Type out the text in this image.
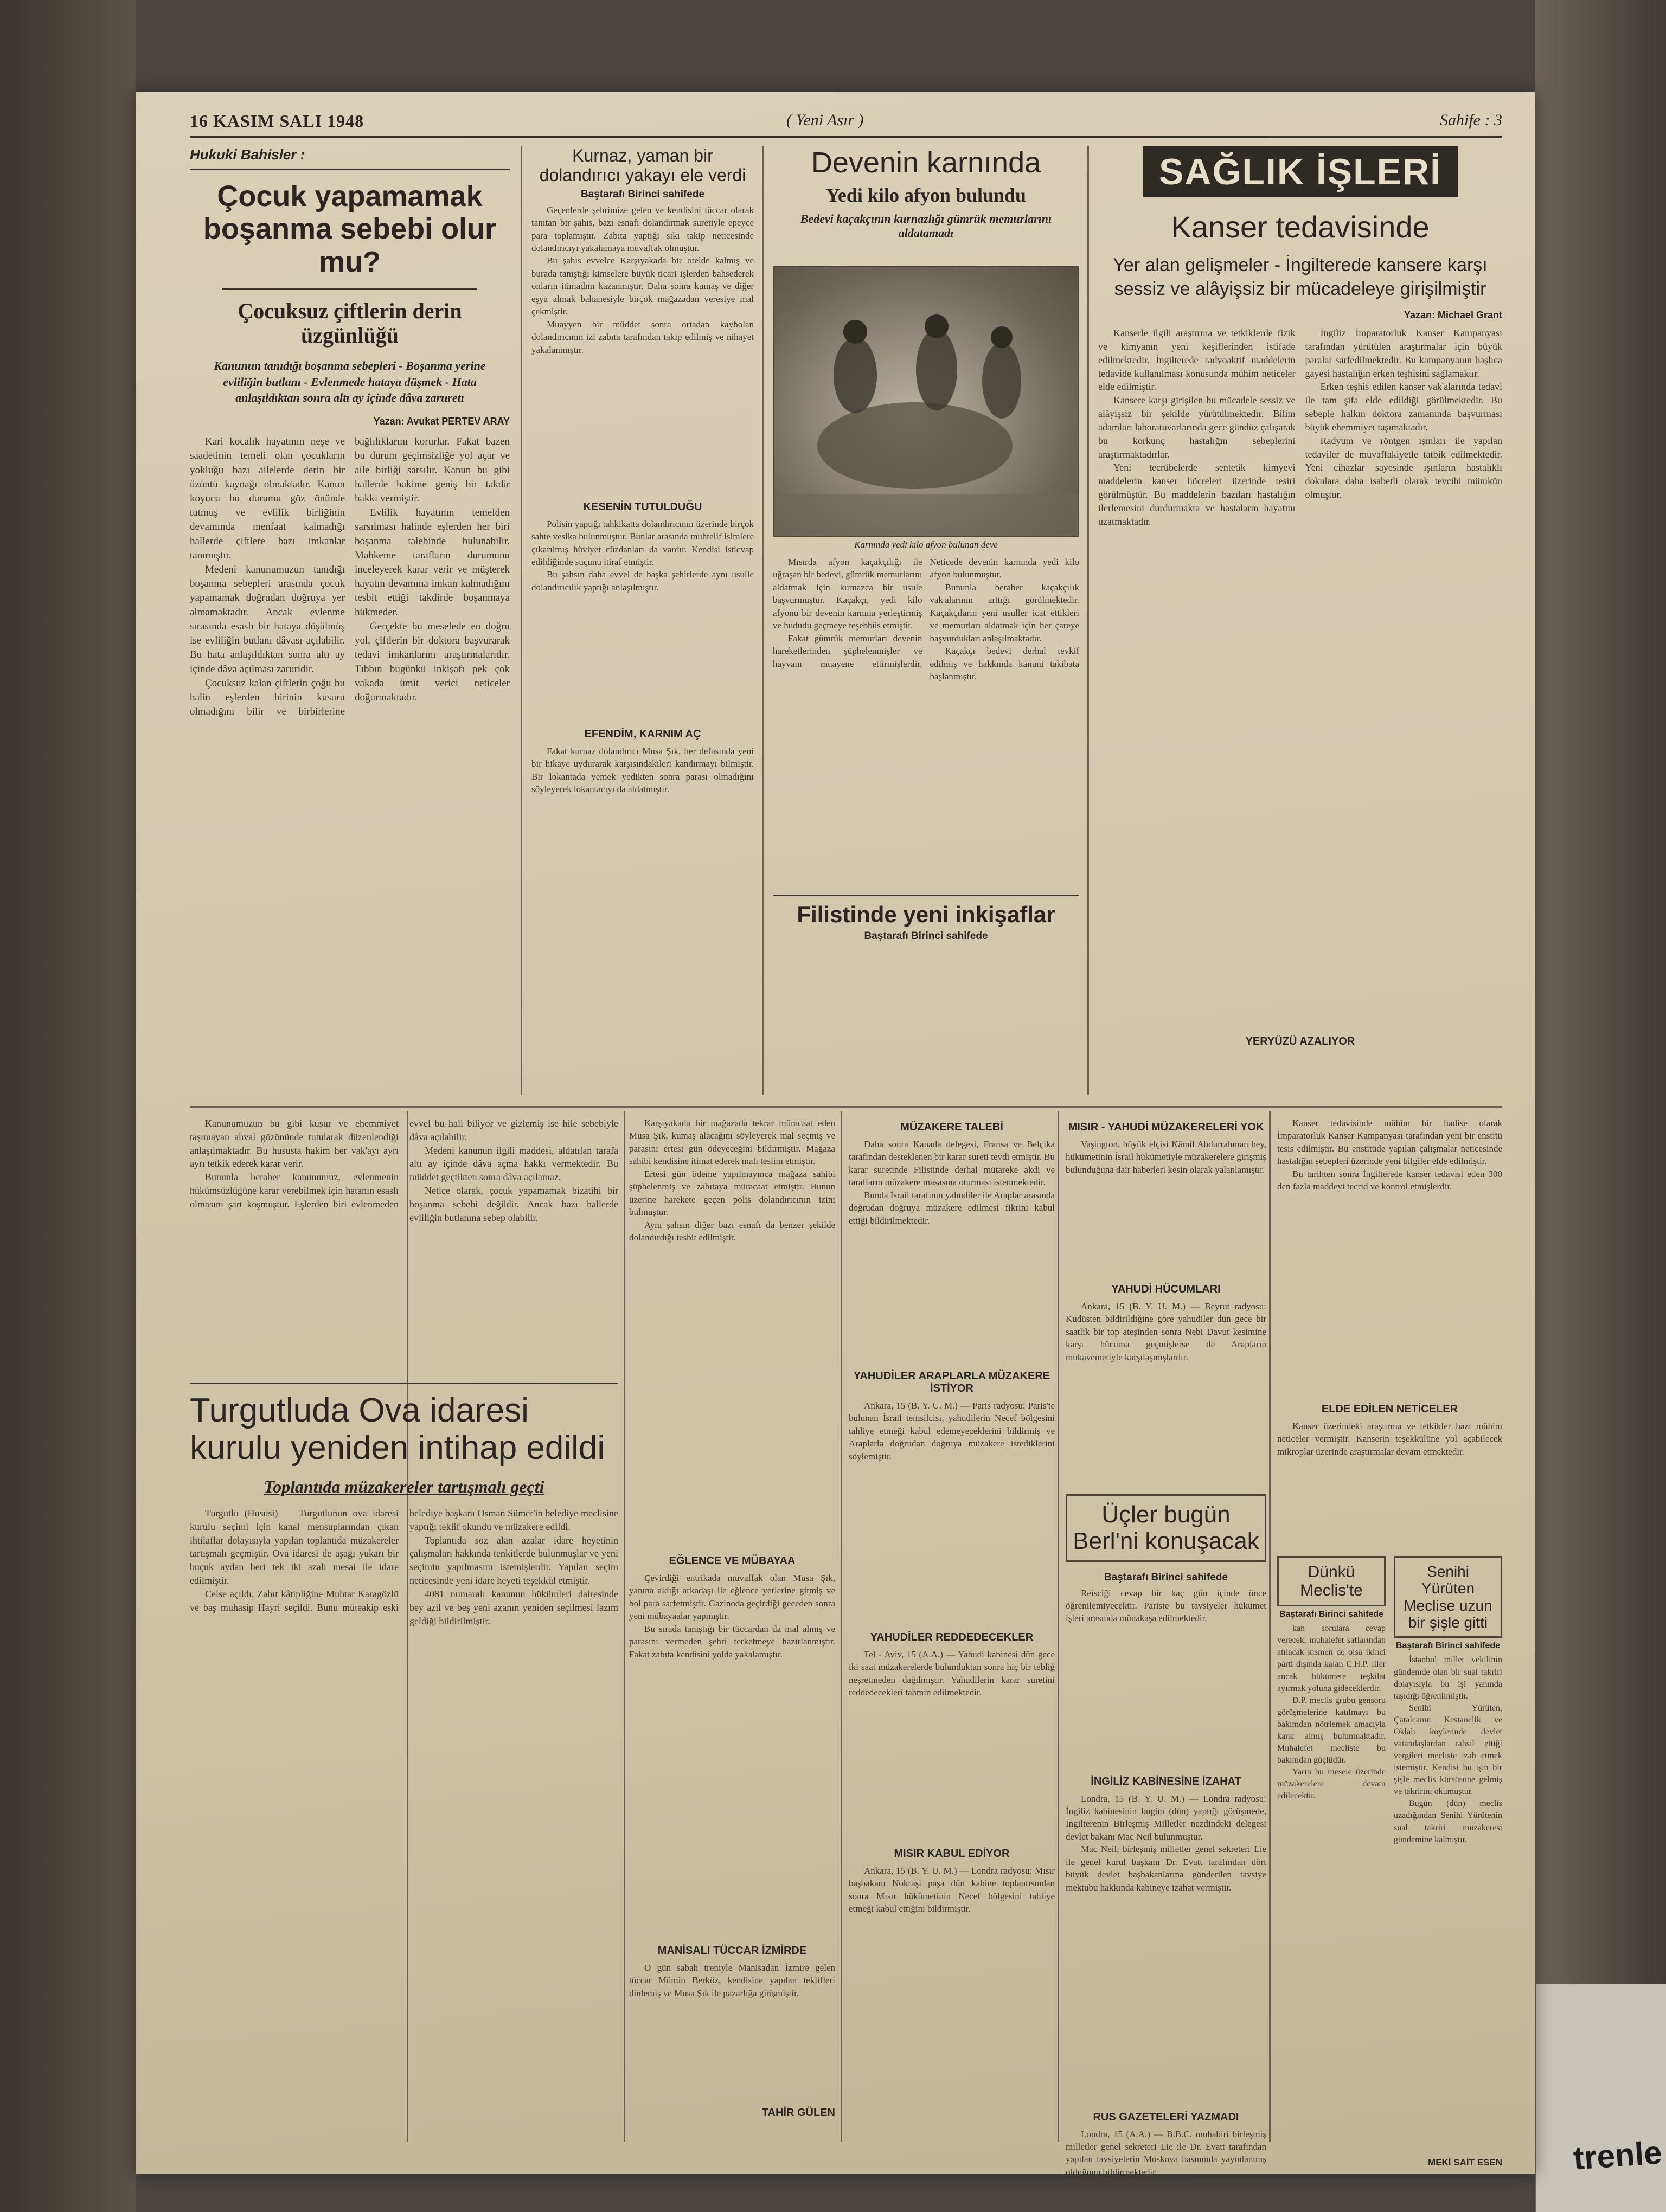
trenle
16 KASIM SALI 1948	( Yeni Asır )	Sahife : 3
Hukuki Bahisler :
Çocuk yapamamak boşanma sebebi olur mu?
Çocuksuz çiftlerin derin üzgünlüğü
Kanunun tanıdığı boşanma sebepleri - Boşanma yerine evliliğin butlanı - Evlenmede hataya düşmek - Hata anlaşıldıktan sonra altı ay içinde dâva zaruretı
Yazan: Avukat PERTEV ARAY

Kari kocalık hayatının neşe ve saadetinin temeli olan çocukların yokluğu bazı ailelerde derin bir üzüntü kaynağı olmaktadır. Kanun koyucu bu durumu göz önünde tutmuş ve evlilik birliğinin devamında menfaat kalmadığı hallerde çiftlere bazı imkanlar tanımıştır.

Medeni kanunumuzun tanıdığı boşanma sebepleri arasında çocuk yapamamak doğrudan doğruya yer almamaktadır. Ancak evlenme sırasında esaslı bir hataya düşülmüş ise evliliğin butlanı dâvası açılabilir. Bu hata anlaşıldıktan sonra altı ay içinde dâva açılması zaruridir.

Çocuksuz kalan çiftlerin çoğu bu halin eşlerden birinin kusuru olmadığını bilir ve birbirlerine bağlılıklarını korurlar. Fakat bazen bu durum geçimsizliğe yol açar ve aile birliği sarsılır. Kanun bu gibi hallerde hakime geniş bir takdir hakkı vermiştir.

Evlilik hayatının temelden sarsılması halinde eşlerden her biri boşanma talebinde bulunabilir. Mahkeme tarafların durumunu inceleyerek karar verir ve müşterek hayatın devamına imkan kalmadığını tesbit ettiği takdirde boşanmaya hükmeder.

Gerçekte bu meselede en doğru yol, çiftlerin bir doktora başvurarak tedavi imkanlarını araştırmalarıdır. Tıbbın bugünkü inkişafı pek çok vakada ümit verici neticeler doğurmaktadır.

Kurnaz, yaman bir dolandırıcı yakayı ele verdi
Baştarafı Birinci sahifede

Geçenlerde şehrimize gelen ve kendisini tüccar olarak tanıtan bir şahıs, bazı esnafı dolandırmak suretiyle epeyce para toplamıştır. Zabıta yaptığı sıkı takip neticesinde dolandırıcıyı yakalamaya muvaffak olmuştur.

Bu şahıs evvelce Karşıyakada bir otelde kalmış ve burada tanıştığı kimselere büyük ticari işlerden bahsederek onların itimadını kazanmıştır. Daha sonra kumaş ve diğer eşya almak bahanesiyle birçok mağazadan veresiye mal çekmiştir.

Muayyen bir müddet sonra ortadan kaybolan dolandırıcının izi zabıta tarafından takip edilmiş ve nihayet yakalanmıştır.

KESENİN TUTULDUĞU

Polisin yaptığı tahkikatta dolandırıcının üzerinde birçok sahte vesika bulunmuştur. Bunlar arasında muhtelif isimlere çıkarılmış hüviyet cüzdanları da vardır. Kendisi isticvap edildiğinde suçunu itiraf etmiştir.

Bu şahsın daha evvel de başka şehirlerde aynı usulle dolandırıcılık yaptığı anlaşılmıştır.

EFENDİM, KARNIM AÇ

Fakat kurnaz dolandırıcı Musa Şık, her defasında yeni bir hikaye uydurarak karşısındakileri kandırmayı bilmiştir. Bir lokantada yemek yedikten sonra parası olmadığını söyleyerek lokantacıyı da aldatmıştır.

Devenin karnında
Yedi kilo afyon bulundu
Bedevi kaçakçının kurnazlığı gümrük memurlarını aldatamadı
Karnında yedi kilo afyon bulunan deve

Mısırda afyon kaçakçılığı ile uğraşan bir bedevi, gümrük memurlarını aldatmak için kurnazca bir usule başvurmuştur. Kaçakçı, yedi kilo afyonu bir devenin karnına yerleştirmiş ve hududu geçmeye teşebbüs etmiştir.

Fakat gümrük memurları devenin hareketlerinden şüphelenmişler ve hayvanı muayene ettirmişlerdir. Neticede devenin karnında yedi kilo afyon bulunmuştur.

Bununla beraber kaçakçılık vak'alarının arttığı görülmektedir. Kaçakçıların yeni usuller icat ettikleri ve memurları aldatmak için her çareye başvurdukları anlaşılmaktadır.

Kaçakçı bedevi derhal tevkif edilmiş ve hakkında kanuni takibata başlanmıştır.

Filistinde yeni inkişaflar
Baştarafı Birinci sahifede
SAĞLIK İŞLERİ
Kanser tedavisinde
Yer alan gelişmeler - İngilterede kansere karşı sessiz ve alâyişsiz bir mücadeleye girişilmiştir
Yazan: Michael Grant

Kanserle ilgili araştırma ve tetkiklerde fizik ve kimyanın yeni keşiflerinden istifade edilmektedir. İngilterede radyoaktif maddelerin tedavide kullanılması konusunda mühim neticeler elde edilmiştir.

Kansere karşı girişilen bu mücadele sessiz ve alâyişsiz bir şekilde yürütülmektedir. Bilim adamları laboratuvarlarında gece gündüz çalışarak bu korkunç hastalığın sebeplerini araştırmaktadırlar.

Yeni tecrübelerde sentetik kimyevi maddelerin kanser hücreleri üzerinde tesiri görülmüştür. Bu maddelerin bazıları hastalığın ilerlemesini durdurmakta ve hastaların hayatını uzatmaktadır.

İngiliz İmparatorluk Kanser Kampanyası tarafından yürütülen araştırmalar için büyük paralar sarfedilmektedir. Bu kampanyanın başlıca gayesi hastalığın erken teşhisini sağlamaktır.

Erken teşhis edilen kanser vak'alarında tedavi ile tam şifa elde edildiği görülmektedir. Bu sebeple halkın doktora zamanında başvurması büyük ehemmiyet taşımaktadır.

Radyum ve röntgen ışınları ile yapılan tedaviler de muvaffakiyetle tatbik edilmektedir. Yeni cihazlar sayesinde ışınların hastalıklı dokulara daha isabetli olarak tevcihi mümkün olmuştur.

YERYÜZÜ AZALIYOR

Kanunumuzun bu gibi kusur ve ehemmiyet taşımayan ahval gözönünde tutularak düzenlendiği anlaşılmaktadır. Bu hususta hakim her vak'ayı ayrı ayrı tetkik ederek karar verir.

Bununla beraber kanunumuz, evlenmenin hükümsüzlüğüne karar verebilmek için hatanın esaslı olmasını şart koşmuştur. Eşlerden biri evlenmeden evvel bu hali biliyor ve gizlemiş ise hile sebebiyle dâva açılabilir.

Medeni kanunun ilgili maddesi, aldatılan tarafa altı ay içinde dâva açma hakkı vermektedir. Bu müddet geçtikten sonra dâva açılamaz.

Netice olarak, çocuk yapamamak bizatihi bir boşanma sebebi değildir. Ancak bazı hallerde evliliğin butlanına sebep olabilir.

Turgutluda Ova idaresi kurulu yeniden intihap edildi
Toplantıda müzakereler tartışmalı geçti

Turgutlu (Hususi) — Turgutlunun ova idaresi kurulu seçimi için kanal mensuplarından çıkan ihtilaflar dolayısıyla yapılan toplantıda müzakereler tartışmalı geçmiştir. Ova idaresi de aşağı yukarı bir buçuk aydan beri tek iki azalı mesai ile idare edilmiştir.

Celse açıldı. Zabıt kâtipliğine Muhtar Karagözlü ve baş muhasip Hayri seçildi. Bunu müteakip eski belediye başkanı Osman Sümer'in belediye meclisine yaptığı teklif okundu ve müzakere edildi.

Toplantıda söz alan azalar idare heyetinin çalışmaları hakkında tenkitlerde bulunmuşlar ve yeni seçimin yapılmasını istemişlerdir. Yapılan seçim neticesinde yeni idare heyeti teşekkül etmiştir.

4081 numaralı kanunun hükümleri dairesinde bey azil ve beş yeni azanın yeniden seçilmesi lazım geldiği bildirilmiştir.

Karşıyakada bir mağazada tekrar müracaat eden Musa Şık, kumaş alacağını söyleyerek mal seçmiş ve parasını ertesi gün ödeyeceğini bildirmiştir. Mağaza sahibi kendisine itimat ederek malı teslim etmiştir.

Ertesi gün ödeme yapılmayınca mağaza sahibi şüphelenmiş ve zabıtaya müracaat etmiştir. Bunun üzerine harekete geçen polis dolandırıcının izini bulmuştur.

Aynı şahsın diğer bazı esnafı da benzer şekilde dolandırdığı tesbit edilmiştir.

EĞLENCE VE MÜBAYAA

Çevirdiği entrikada muvaffak olan Musa Şık, yanına aldığı arkadaşı ile eğlence yerlerine gitmiş ve bol para sarfetmiştir. Gazinoda geçirdiği geceden sonra yeni mübayaalar yapmıştır.

Bu sırada tanıştığı bir tüccardan da mal almış ve parasını vermeden şehri terketmeye hazırlanmıştır. Fakat zabıta kendisini yolda yakalamıştır.

MANİSALI TÜCCAR İZMİRDE

O gün sabah treniyle Manisadan İzmire gelen tüccar Mümin Berköz, kendisine yapılan teklifleri dinlemiş ve Musa Şık ile pazarlığa girişmiştir.

TAHİR GÜLEN
MÜZAKERE TALEBİ

Daha sonra Kanada delegesi, Fransa ve Belçika tarafından desteklenen bir karar sureti tevdi etmiştir. Bu karar suretinde Filistinde derhal mütareke akdi ve tarafların müzakere masasına oturması istenmektedir.

Bunda İsrail tarafının yahudiler ile Araplar arasında doğrudan doğruya müzakere edilmesi fikrini kabul ettiği bildirilmektedir.

YAHUDİLER ARAPLARLA MÜZAKERE İSTİYOR

Ankara, 15 (B. Y. U. M.) — Paris radyosu: Paris'te bulunan İsrail temsilcisi, yahudilerin Necef bölgesini tahliye etmeği kabul edemeyeceklerini bildirmiş ve Araplarla doğrudan doğruya müzakere istediklerini söylemiştir.

YAHUDİLER REDDEDECEKLER

Tel - Aviv, 15 (A.A.) — Yahudi kabinesi dün gece iki saat müzakerelerde bulunduktan sonra hiç bir tebliğ neşretmeden dağılmıştır. Yahudilerin karar suretini reddedecekleri tahmin edilmektedir.

MISIR KABUL EDİYOR

Ankara, 15 (B. Y. U. M.) — Londra radyosu: Mısır başbakanı Nokraşi paşa dün kabine toplantısından sonra Mısır hükümetinin Necef bölgesini tahliye etmeği kabul ettiğini bildirmiştir.

MISIR - YAHUDİ MÜZAKERELERİ YOK

Vaşington, büyük elçisi Kâmil Abdurrahman bey, hükümetinin İsrail hükümetiyle müzakerelere girişmiş bulunduğuna dair haberleri kesin olarak yalanlamıştır.

YAHUDİ HÜCUMLARI

Ankara, 15 (B. Y. U. M.) — Beyrut radyosu: Kudüsten bildirildiğine göre yahudiler dün gece bir saatlik bir top ateşinden sonra Nebi Davut kesimine karşı hücuma geçmişlerse de Arapların mukavemetiyle karşılaşmışlardır.

Üçler bugün Berl'ni konuşacak
Baştarafı Birinci sahifede

Reisciği cevap bir kaç gün içinde önce öğrenilemiyecektir. Pariste bu tavsiyeler hükümet işleri arasında münakaşa edilmektedir.

İNGİLİZ KABİNESİNE İZAHAT

Londra, 15 (B. Y. U. M.) — Londra radyosu: İngiliz kabinesinin bugün (dün) yaptığı görüşmede, İngilterenin Birleşmiş Milletler nezdindeki delegesi devlet bakanı Mac Neil bulunmuştur.

Mac Neil, birleşmiş milletler genel sekreteri Lie ile genel kurul başkanı Dr. Evatt tarafından dört büyük devlet başbakanlarına gönderilen tavsiye mektubu hakkında kabineye izahat vermiştir.

RUS GAZETELERİ YAZMADI

Londra, 15 (A.A.) — B.B.C. muhabiri birleşmiş milletler genel sekreteri Lie ile Dr. Evatt tarafından yapılan tavsiyelerin Moskova basınında yayınlanmış olduğunu bildirmektedir.

Kanser tedavisinde mühim bir hadise olarak İmparatorluk Kanser Kampanyası tarafından yeni bir enstitü tesis edilmiştir. Bu enstitüde yapılan çalışmalar neticesinde hastalığın sebepleri üzerinde yeni bilgiler elde edilmiştir.

Bu tarihten sonra İngilterede kanser tedavisi eden 300 den fazla maddeyi tecrid ve kontrol etmişlerdir.

ELDE EDİLEN NETİCELER

Kanser üzerindeki araştırma ve tetkikler bazı mühim neticeler vermiştir. Kanserin teşekkülüne yol açabilecek mikroplar üzerinde araştırmalar devam etmektedir.

Dünkü Meclis'te
Baştarafı Birinci sahifede

kan sorulara cevap verecek, muhalefet saflarından atılacak kısmen de olsa ikinci parti dışında kalan C.H.P. liler ancak hükümete teşkilat ayırmak yoluna gideceklerdir.

D.P. meclis grubu gensoru görüşmelerine katılmayı bu bakımdan nötrlemek amacıyla karar almış bulunmaktadır. Muhalefet mecliste bu bakımdan güçlüdür.

Yarın bu mesele üzerinde müzakerelere devam edilecektir.

Senihi Yürüten Meclise uzun bir şişle gitti
Baştarafı Birinci sahifede

İstanbul millet vekilinin gündemde olan bir sual takriri dolayısıyla bu işi yanında taşıdığı öğrenilmiştir.

Senihi Yürüten, Çatalcanın Kestanelik ve Oklalı köylerinde devlet vatandaşlardan tahsil ettiği vergileri mecliste izah etmek istemiştir. Kendisi bu işin bir şişle meclis kürsüsüne gelmiş ve takririni okumuştur.

Bugün (dün) meclis uzadığından Senihi Yürütenin sual takriri müzakeresi gündemine kalmıştır.

MEKİ SAİT ESEN
